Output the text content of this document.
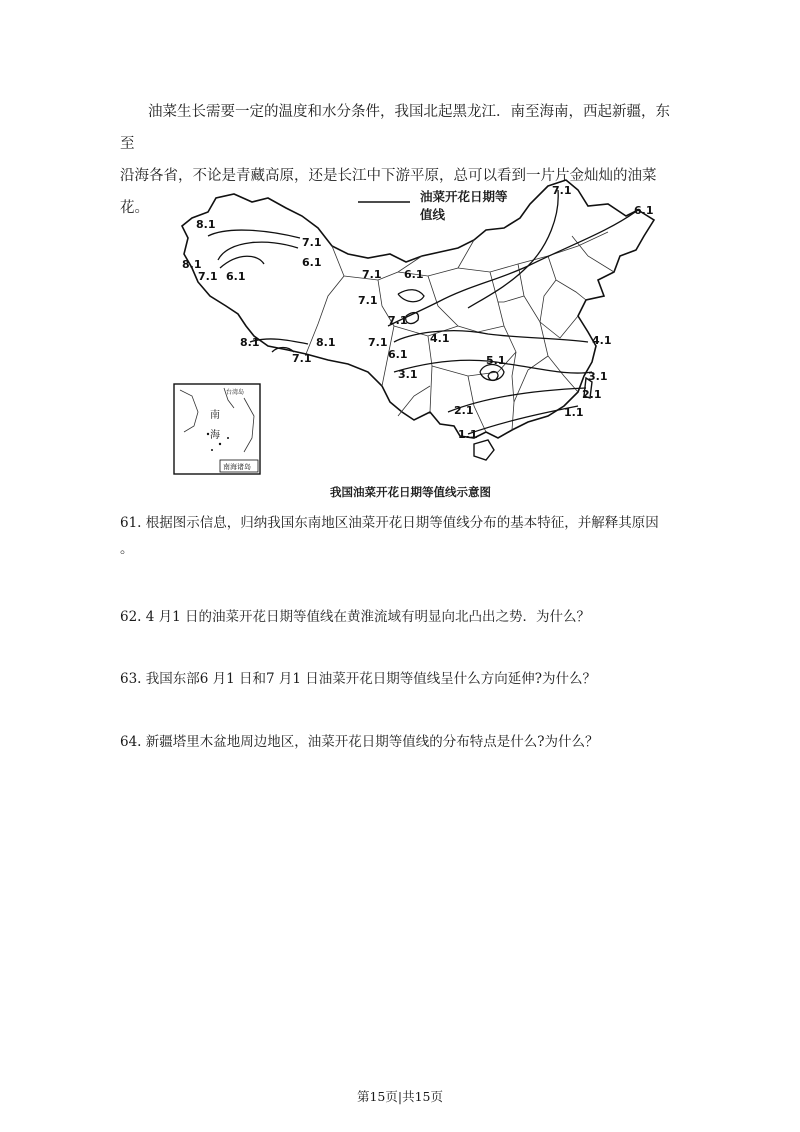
油菜生长需要一定的温度和水分条件，我国北起黑龙江．南至海南，西起新疆，东至
沿海各省，不论是青藏高原，还是长江中下游平原，总可以看到一片片金灿灿的油菜花。
8.1
7.1
6.1
8.1
7.1 6.1	7.1 6.1
7.1
7.1
7.1
6.1
8.1	8.1
7.1
4.1
5.1
4.1
3.1	3.1
2.1
2.1
1.1
1.1
7.1
6.1
台湾岛
南
海
南海诸岛
油菜开花日期等值线
我国油菜开花日期等值线示意图
61. 根据图示信息，归纳我国东南地区油菜开花日期等值线分布的基本特征，并解释其原因
。
62. 4 月1 日的油菜开花日期等值线在黄淮流域有明显向北凸出之势．为什么？
63. 我国东部6 月1 日和7 月1 日油菜开花日期等值线呈什么方向延伸?为什么？
64. 新疆塔里木盆地周边地区，油菜开花日期等值线的分布特点是什么?为什么？
第15页|共15页
